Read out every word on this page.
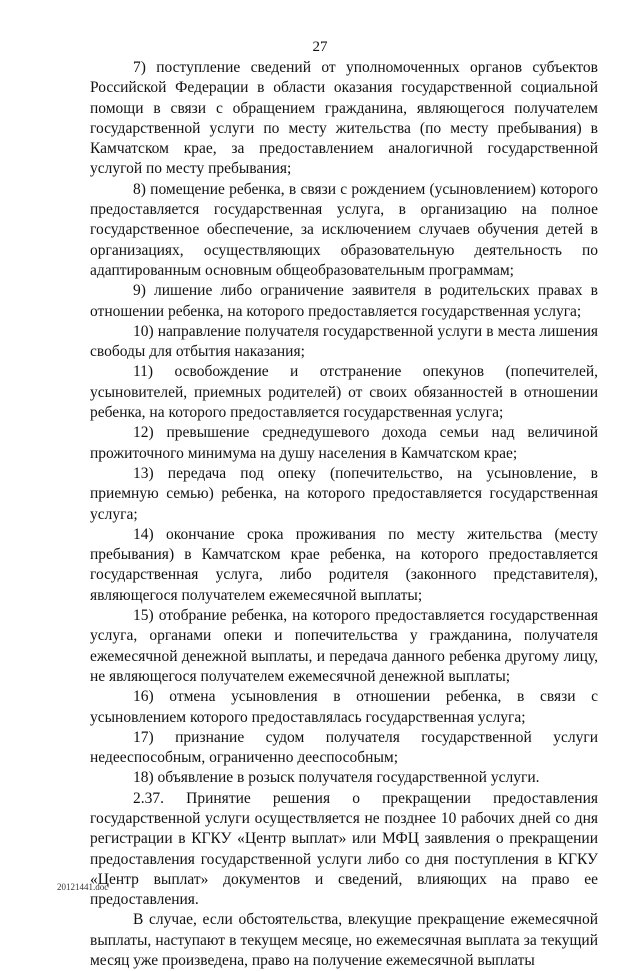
27

7) поступление сведений от уполномоченных органов субъектов Российской Федерации в области оказания государственной социальной помощи в связи с обращением гражданина, являющегося получателем государственной услуги по месту жительства (по месту пребывания) в Камчатском крае, за предоставлением аналогичной государственной услугой по месту пребывания;

8) помещение ребенка, в связи с рождением (усыновлением) которого предоставляется государственная услуга, в организацию на полное государственное обеспечение, за исключением случаев обучения детей в организациях, осуществляющих образовательную деятельность по адаптированным основным общеобразовательным программам;

9) лишение либо ограничение заявителя в родительских правах в отношении ребенка, на которого предоставляется государственная услуга;

10) направление получателя государственной услуги в места лишения свободы для отбытия наказания;

11) освобождение и отстранение опекунов (попечителей, усыновителей, приемных родителей) от своих обязанностей в отношении ребенка, на которого предоставляется государственная услуга;

12) превышение среднедушевого дохода семьи над величиной прожиточного минимума на душу населения в Камчатском крае;

13) передача под опеку (попечительство, на усыновление, в приемную семью) ребенка, на которого предоставляется государственная услуга;

14) окончание срока проживания по месту жительства (месту пребывания) в Камчатском крае ребенка, на которого предоставляется государственная услуга, либо родителя (законного представителя), являющегося получателем ежемесячной выплаты;

15) отобрание ребенка, на которого предоставляется государственная услуга, органами опеки и попечительства у гражданина, получателя ежемесячной денежной выплаты, и передача данного ребенка другому лицу, не являющегося получателем ежемесячной денежной выплаты;

16) отмена усыновления в отношении ребенка, в связи с усыновлением которого предоставлялась государственная услуга;

17) признание судом получателя государственной услуги недееспособным, ограниченно дееспособным;

18) объявление в розыск получателя государственной услуги.

2.37. Принятие решения о прекращении предоставления государственной услуги осуществляется не позднее 10 рабочих дней со дня регистрации в КГКУ «Центр выплат» или МФЦ заявления о прекращении предоставления государственной услуги либо со дня поступления в КГКУ «Центр выплат» документов и сведений, влияющих на право ее предоставления.

В случае, если обстоятельства, влекущие прекращение ежемесячной выплаты, наступают в текущем месяце, но ежемесячная выплата за текущий месяц уже произведена, право на получение ежемесячной выплаты

20121441.doc
